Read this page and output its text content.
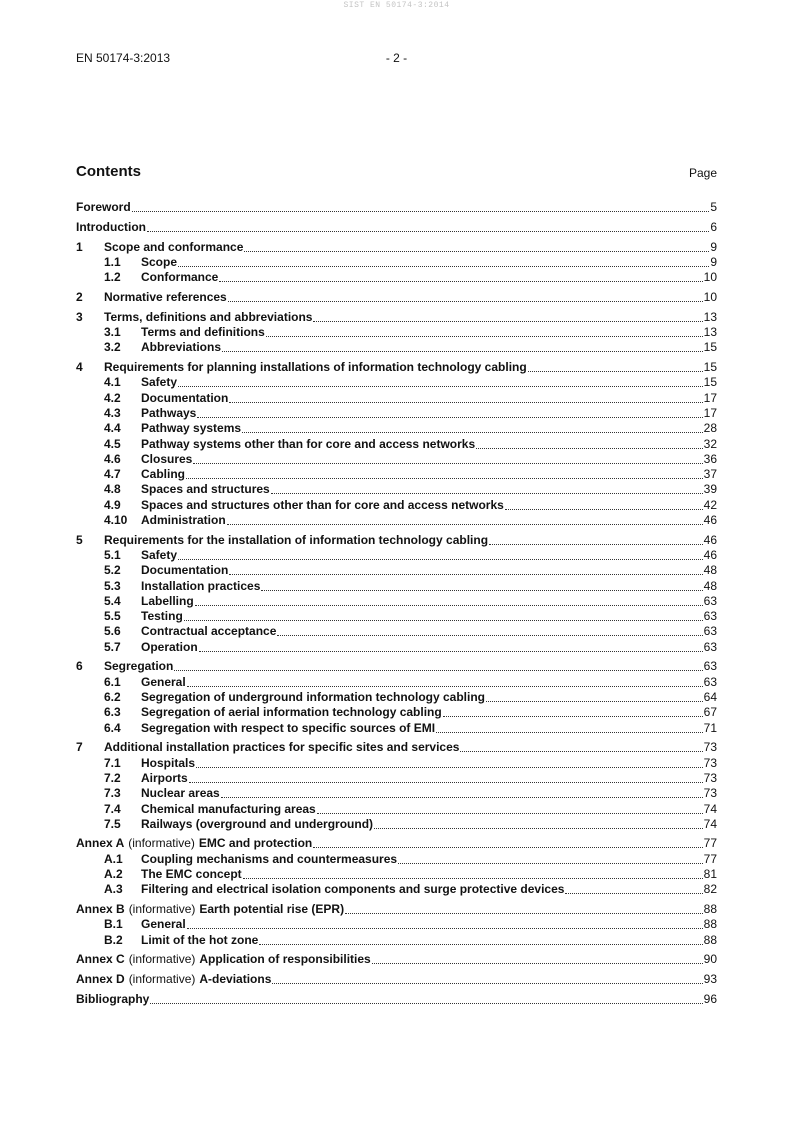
SIST EN 50174-3:2014
EN 50174-3:2013	- 2 -
Contents	Page
Foreword	5
Introduction	6
1	Scope and conformance	9
1.1	Scope	9
1.2	Conformance	10
2	Normative references	10
3	Terms, definitions and abbreviations	13
3.1	Terms and definitions	13
3.2	Abbreviations	15
4	Requirements for planning installations of information technology cabling	15
4.1	Safety	15
4.2	Documentation	17
4.3	Pathways	17
4.4	Pathway systems	28
4.5	Pathway systems other than for core and access networks	32
4.6	Closures	36
4.7	Cabling	37
4.8	Spaces and structures	39
4.9	Spaces and structures other than for core and access networks	42
4.10	Administration	46
5	Requirements for the installation of information technology cabling	46
5.1	Safety	46
5.2	Documentation	48
5.3	Installation practices	48
5.4	Labelling	63
5.5	Testing	63
5.6	Contractual acceptance	63
5.7	Operation	63
6	Segregation	63
6.1	General	63
6.2	Segregation of underground information technology cabling	64
6.3	Segregation of aerial information technology cabling	67
6.4	Segregation with respect to specific sources of EMI	71
7	Additional installation practices for specific sites and services	73
7.1	Hospitals	73
7.2	Airports	73
7.3	Nuclear areas	73
7.4	Chemical manufacturing areas	74
7.5	Railways (overground and underground)	74
Annex A (informative) EMC and protection	77
A.1	Coupling mechanisms and countermeasures	77
A.2	The EMC concept	81
A.3	Filtering and electrical isolation components and surge protective devices	82
Annex B (informative) Earth potential rise (EPR)	88
B.1	General	88
B.2	Limit of the hot zone	88
Annex C (informative) Application of responsibilities	90
Annex D (informative) A-deviations	93
Bibliography	96
